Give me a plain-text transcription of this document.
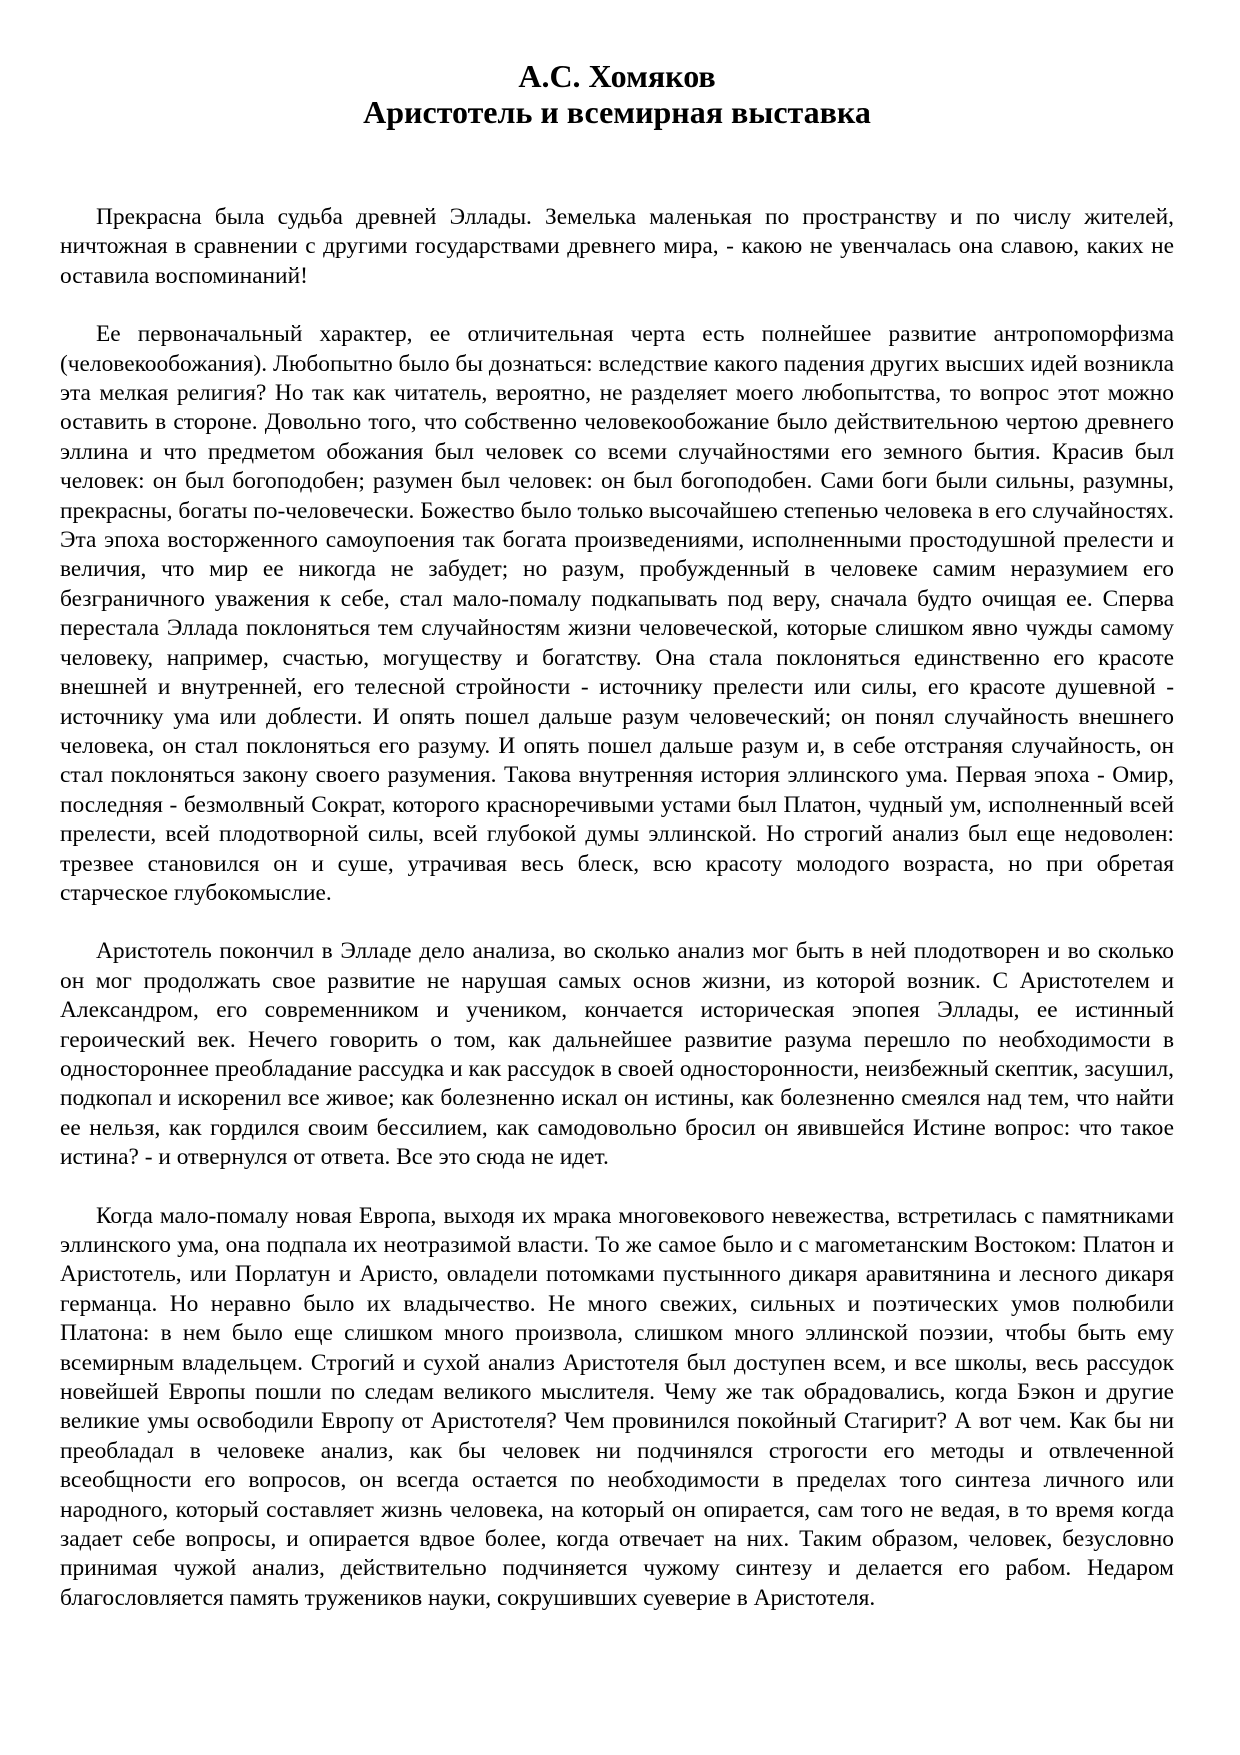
А.С. Хомяков
Аристотель и всемирная выставка

Прекрасна была судьба древней Эллады. Земелька маленькая по пространству и по числу жителей, ничтожная в сравнении с другими государствами древнего мира, - какою не увенчалась она славою, каких не оставила воспоминаний!

Ее первоначальный характер, ее отличительная черта есть полнейшее развитие антропоморфизма (человекообожания). Любопытно было бы дознаться: вследствие какого падения других высших идей возникла эта мелкая религия? Но так как читатель, вероятно, не разделяет моего любопытства, то вопрос этот можно оставить в стороне. Довольно того, что собственно человекообожание было действительною чертою древнего эллина и что предметом обожания был человек со всеми случайностями его земного бытия. Красив был человек: он был богоподобен; разумен был человек: он был богоподобен. Сами боги были сильны, разумны, прекрасны, богаты по-человечески. Божество было только высочайшею степенью человека в его случайностях. Эта эпоха восторженного самоупоения так богата произведениями, исполненными простодушной прелести и величия, что мир ее никогда не забудет; но разум, пробужденный в человеке самим неразумием его безграничного уважения к себе, стал мало-помалу подкапывать под веру, сначала будто очищая ее. Сперва перестала Эллада поклоняться тем случайностям жизни человеческой, которые слишком явно чужды самому человеку, например, счастью, могуществу и богатству. Она стала поклоняться единственно его красоте внешней и внутренней, его телесной стройности - источнику прелести или силы, его красоте душевной - источнику ума или доблести. И опять пошел дальше разум человеческий; он понял случайность внешнего человека, он стал поклоняться его разуму. И опять пошел дальше разум и, в себе отстраняя случайность, он стал поклоняться закону своего разумения. Такова внутренняя история эллинского ума. Первая эпоха - Омир, последняя - безмолвный Сократ, которого красноречивыми устами был Платон, чудный ум, исполненный всей прелести, всей плодотворной силы, всей глубокой думы эллинской. Но строгий анализ был еще недоволен: трезвее становился он и суше, утрачивая весь блеск, всю красоту молодого возраста, но при обретая старческое глубокомыслие.

Аристотель покончил в Элладе дело анализа, во сколько анализ мог быть в ней плодотворен и во сколько он мог продолжать свое развитие не нарушая самых основ жизни, из которой возник. С Аристотелем и Александром, его современником и учеником, кончается историческая эпопея Эллады, ее истинный героический век. Нечего говорить о том, как дальнейшее развитие разума перешло по необходимости в одностороннее преобладание рассудка и как рассудок в своей односторонности, неизбежный скептик, засушил, подкопал и искоренил все живое; как болезненно искал он истины, как болезненно смеялся над тем, что найти ее нельзя, как гордился своим бессилием, как самодовольно бросил он явившейся Истине вопрос: что такое истина? - и отвернулся от ответа. Все это сюда не идет.

Когда мало-помалу новая Европа, выходя их мрака многовекового невежества, встретилась с памятниками эллинского ума, она подпала их неотразимой власти. То же самое было и с магометанским Востоком: Платон и Аристотель, или Порлатун и Аристо, овладели потомками пустынного дикаря аравитянина и лесного дикаря германца. Но неравно было их владычество. Не много свежих, сильных и поэтических умов полюбили Платона: в нем было еще слишком много произвола, слишком много эллинской поэзии, чтобы быть ему всемирным владельцем. Строгий и сухой анализ Аристотеля был доступен всем, и все школы, весь рассудок новейшей Европы пошли по следам великого мыслителя. Чему же так обрадовались, когда Бэкон и другие великие умы освободили Европу от Аристотеля? Чем провинился покойный Стагирит? А вот чем. Как бы ни преобладал в человеке анализ, как бы человек ни подчинялся строгости его методы и отвлеченной всеобщности его вопросов, он всегда остается по необходимости в пределах того синтеза личного или народного, который составляет жизнь человека, на который он опирается, сам того не ведая, в то время когда задает себе вопросы, и опирается вдвое более, когда отвечает на них. Таким образом, человек, безусловно принимая чужой анализ, действительно подчиняется чужому синтезу и делается его рабом. Недаром благословляется память тружеников науки, сокрушивших суеверие в Аристотеля.
